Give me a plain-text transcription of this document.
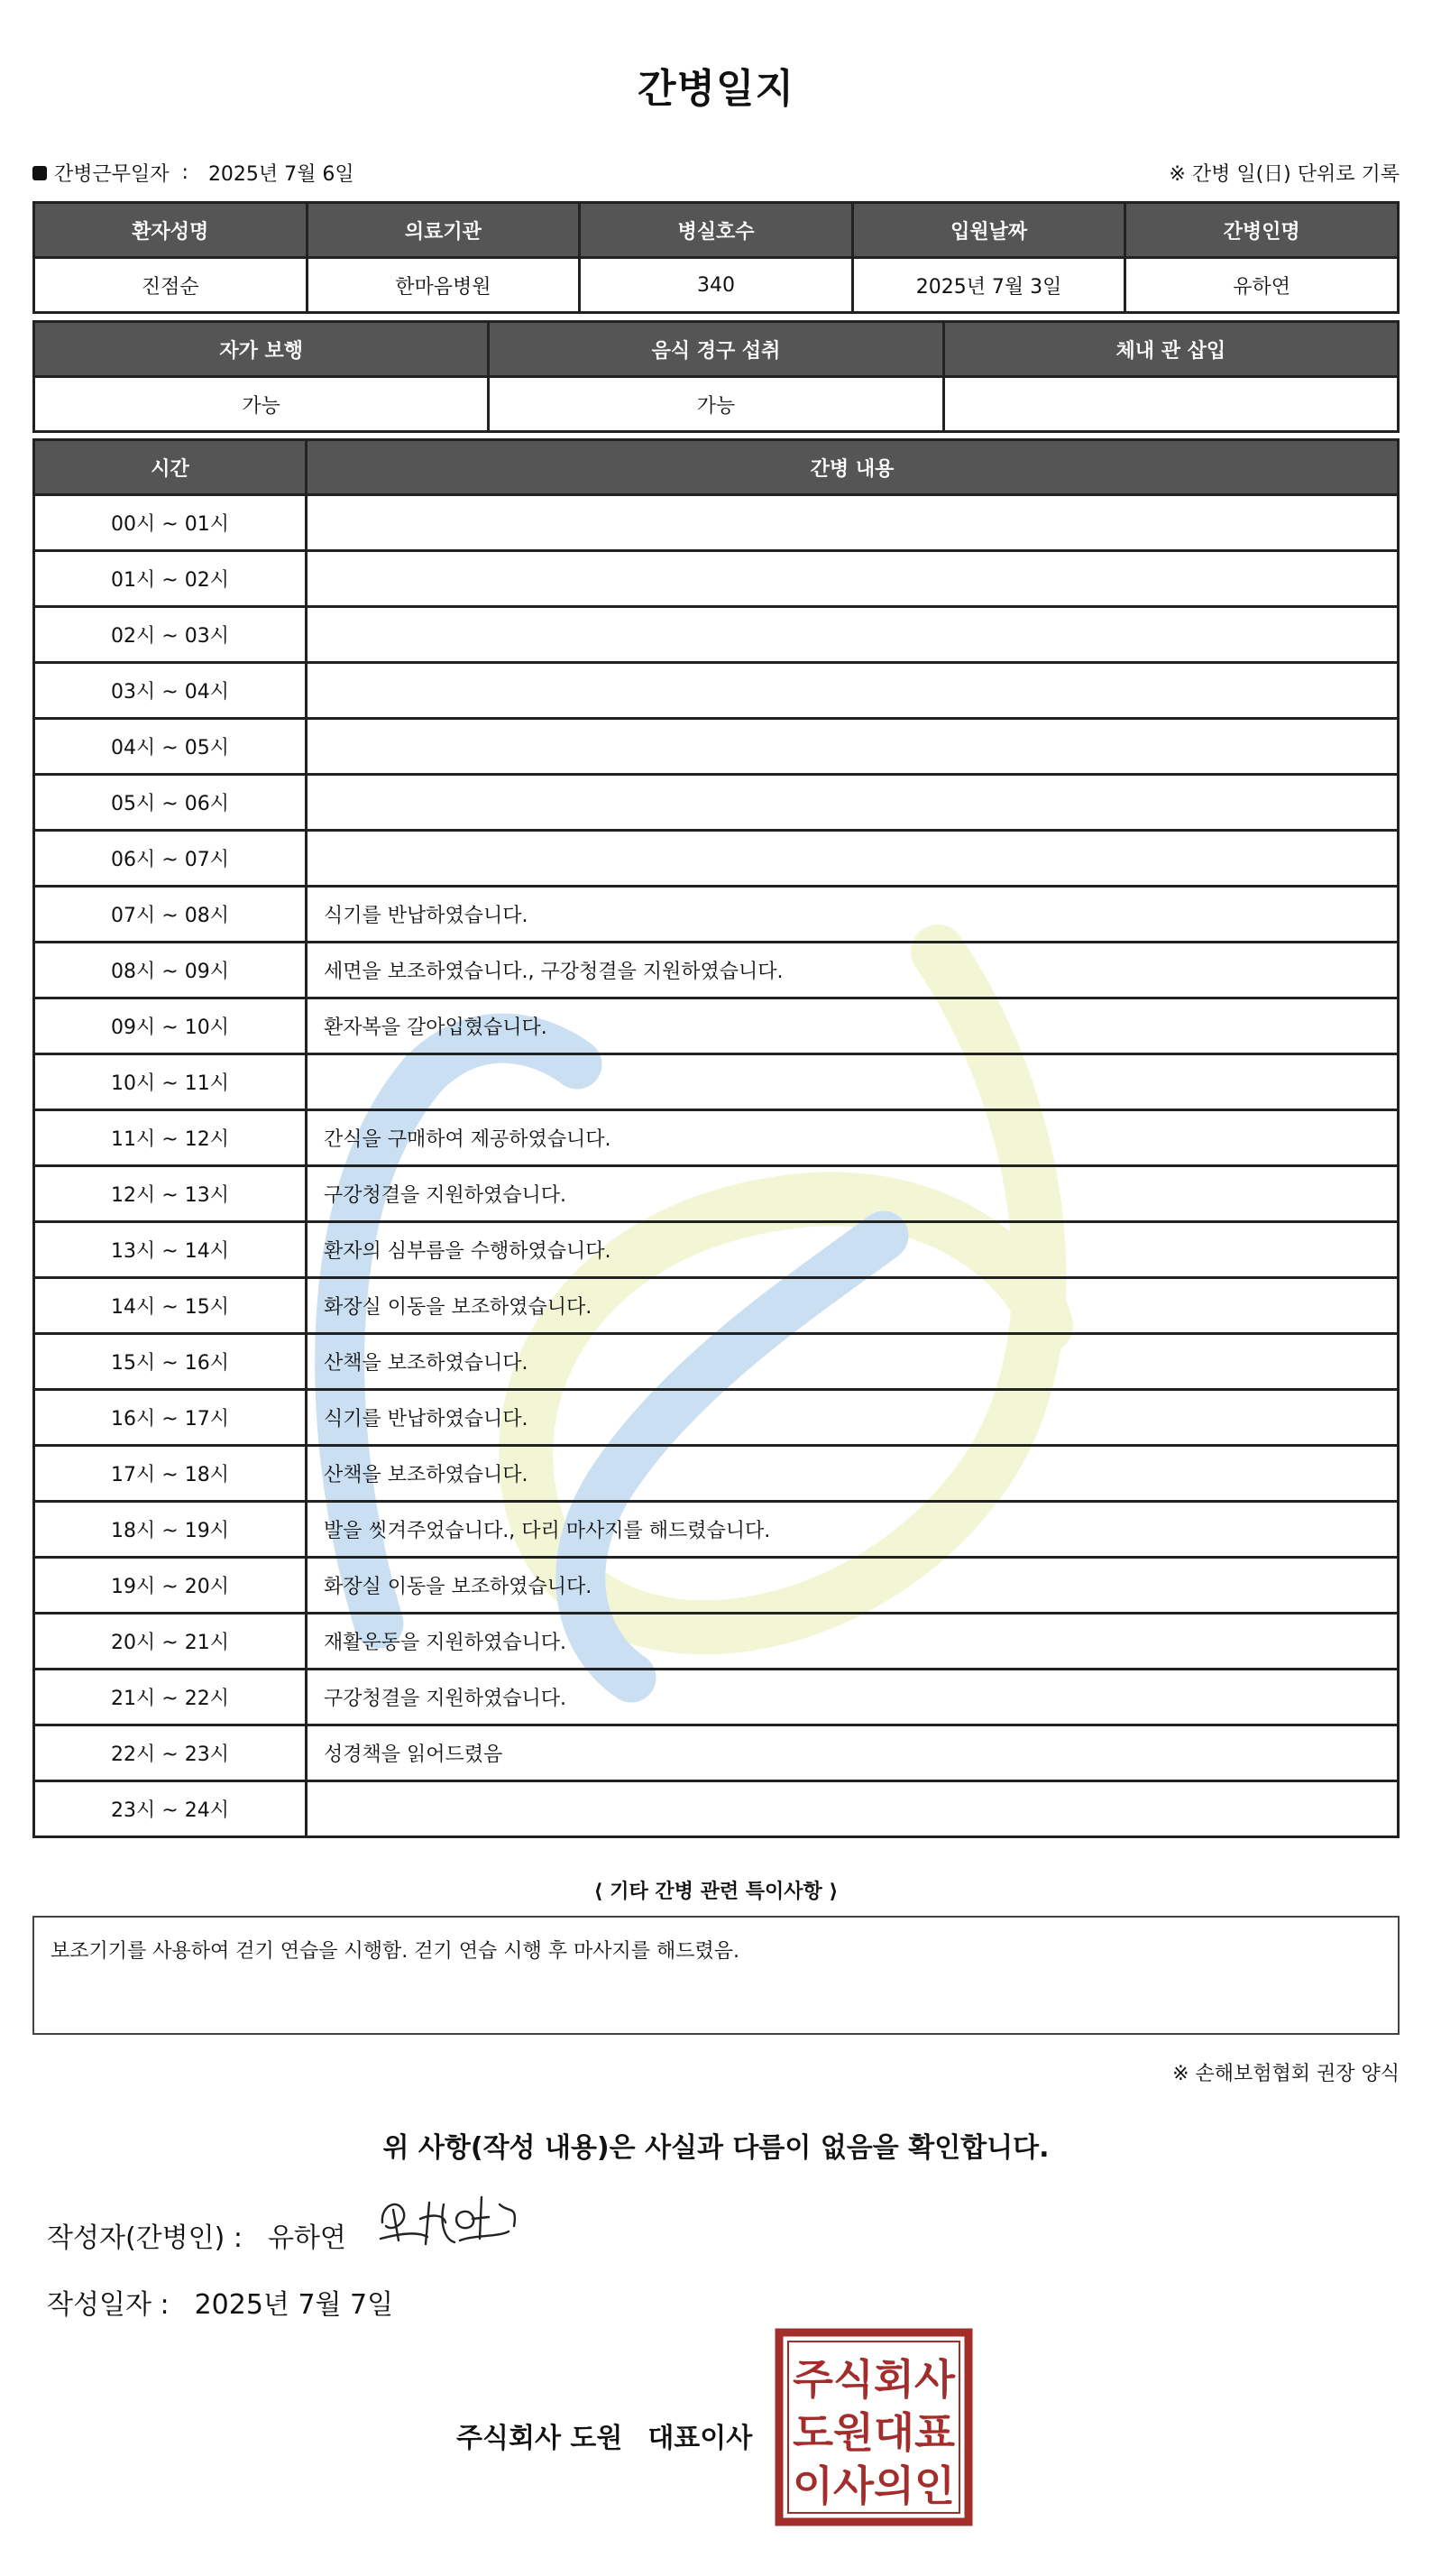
간병일지
간병근무일자 : 2025년 7월 6일	※ 간병 일(日) 단위로 기록
환자성명	의료기관	병실호수	입원날짜	간병인명
진점순	한마음병원	340	2025년 7월 3일	유하연
자가 보행	음식 경구 섭취	체내 관 삽입
가능	가능	
시간	간병 내용
00시 ~ 01시	
01시 ~ 02시	
02시 ~ 03시	
03시 ~ 04시	
04시 ~ 05시	
05시 ~ 06시	
06시 ~ 07시	
07시 ~ 08시	식기를 반납하였습니다.
08시 ~ 09시	세면을 보조하였습니다., 구강청결을 지원하였습니다.
09시 ~ 10시	환자복을 갈아입혔습니다.
10시 ~ 11시	
11시 ~ 12시	간식을 구매하여 제공하였습니다.
12시 ~ 13시	구강청결을 지원하였습니다.
13시 ~ 14시	환자의 심부름을 수행하였습니다.
14시 ~ 15시	화장실 이동을 보조하였습니다.
15시 ~ 16시	산책을 보조하였습니다.
16시 ~ 17시	식기를 반납하였습니다.
17시 ~ 18시	산책을 보조하였습니다.
18시 ~ 19시	발을 씻겨주었습니다., 다리 마사지를 해드렸습니다.
19시 ~ 20시	화장실 이동을 보조하였습니다.
20시 ~ 21시	재활운동을 지원하였습니다.
21시 ~ 22시	구강청결을 지원하였습니다.
22시 ~ 23시	성경책을 읽어드렸음
23시 ~ 24시	
⟨ 기타 간병 관련 특이사항 ⟩
보조기기를 사용하여 걷기 연습을 시행함. 걷기 연습 시행 후 마사지를 해드렸음.
※ 손해보험협회 권장 양식
위 사항(작성 내용)은 사실과 다름이 없음을 확인합니다.
작성자(간병인) : 유하연
작성일자 : 2025년 7월 7일
주식회사 도원 대표이사
주식회사
도원대표
이사의인
